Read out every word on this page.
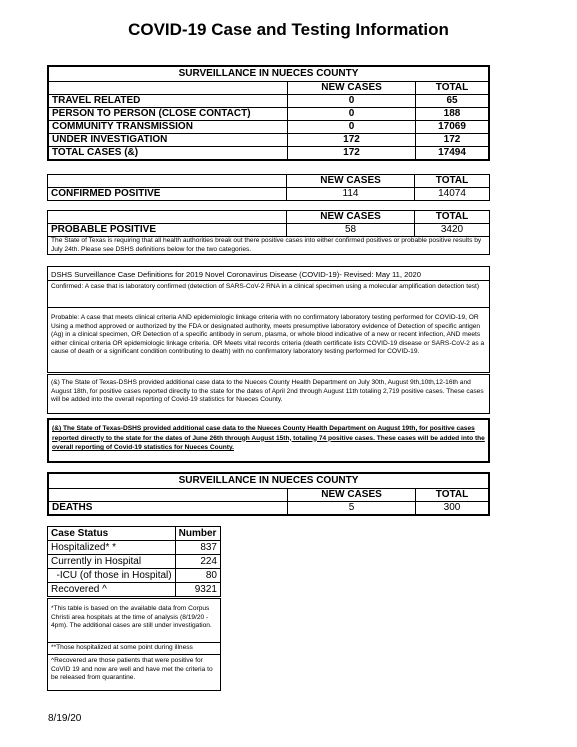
COVID-19 Case and Testing Information
SURVEILLANCE IN NUECES COUNTY		
	NEW CASES	TOTAL
TRAVEL RELATED	0	65
PERSON TO PERSON (CLOSE CONTACT)	0	188
COMMUNITY TRANSMISSION	0	17069
UNDER INVESTIGATION	172	172
TOTAL CASES (&)	172	17494
	NEW CASES	TOTAL
CONFIRMED POSITIVE	114	14074
	NEW CASES	TOTAL
PROBABLE POSITIVE	58	3420
The State of Texas is requiring that all health authorities break out there positive cases into either confirmed positives or probable positive results by July 24th. Please see DSHS definitions below for the two categories.		
DSHS Surveillance Case Definitions for 2019 Novel Coronavirus Disease (COVID-19)- Revised: May 11, 2020
Confirmed: A case that is laboratory confirmed (detection of SARS-CoV-2 RNA in a clinical specimen using a molecular amplification detection test)
Probable: A case that meets clinical criteria AND epidemiologic linkage criteria with no confirmatory laboratory testing performed for COVID-19, OR Using a method approved or authorized by the FDA or designated authority, meets presumptive laboratory evidence of Detection of specific antigen (Ag) in a clinical specimen, OR Detection of a specific antibody in serum, plasma, or whole blood indicative of a new or recent infection, AND meets either clinical criteria OR epidemiologic linkage criteria. OR Meets vital records criteria (death certificate lists COVID-19 disease or SARS-CoV-2 as a cause of death or a significant condition contributing to death) with no confirmatory laboratory testing performed for COVID-19.
(&) The State of Texas-DSHS provided additional case data to the Nueces County Health Department on July 30th, August 9th,10th,12-16th and August 18th, for positive cases reported directly to the state for the dates of April 2nd through August 11th totaling 2,719 positive cases. These cases will be added into the overall reporting of Covid-19 statistics for Nueces County.
(&) The State of Texas-DSHS provided additional case data to the Nueces County Health Department on August 19th, for positive cases reported directly to the state for the dates of June 26th through August 15th, totaling 74 positive cases. These cases will be added into the overall reporting of Covid-19 statistics for Nueces County.
SURVEILLANCE IN NUECES COUNTY		
	NEW CASES	TOTAL
DEATHS	5	300
Case Status	Number
Hospitalized* *	837
Currently in Hospital	224
-ICU (of those in Hospital)	80
Recovered ^	9321
*This table is based on the available data from Corpus Christi area hospitals at the time of analysis (8/19/20 - 4pm). The additional cases are still under investigation.
**Those hospitalized at some point during illness
^Recovered are those patients that were positive for CoVID 19 and now are well and have met the criteria to be released from quarantine.
8/19/20
